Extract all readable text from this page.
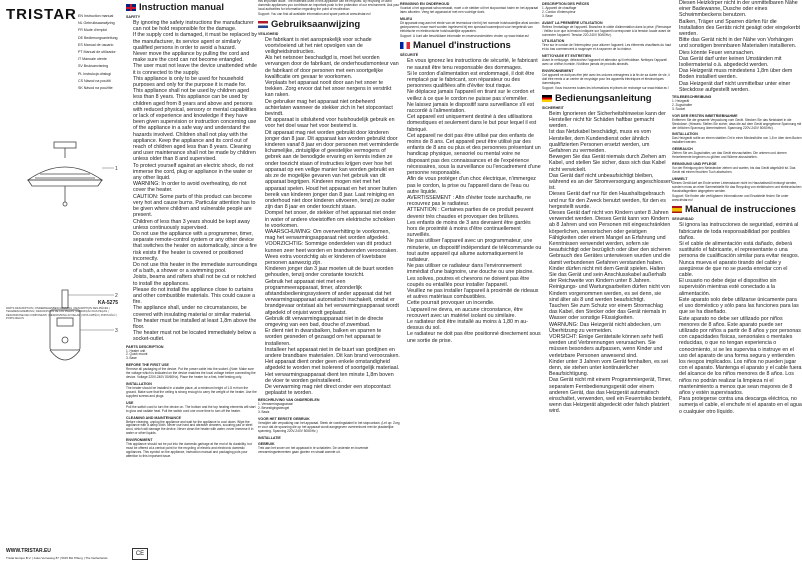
TRISTAR EN Instruction manual
NL Gebruiksaanwijzing
FR Mode d'emploi
DE Bedienungsanleitung
ES Manual de usuario
PT Manual de utilizador
IT Manuale utente
SV Bruksanvisning
PL Instrukcja obsługi
CS Návod na použití
SK Návod na použitie
1
2
3
KA-5275
PARTS DESCRIPTION | ONDERDELENBESCHRIJVING | DESCRIPTION DES PIÈCES | TEILEBESCHREIBUNG | DESCRIPCIÓN DE LAS PIEZAS | DESCRIÇÃO DAS PEÇAS | DESCRIZIONE DEI COMPONENTI | BESKRIVNING AV DELAR | OPIS CZĘŚCI | POPIS DÍLŮ | POPIS DIELOV
WWW.TRISTAR.EU
Tristar Europe B.V. | Jules Verneweg 87 | 5015 BH Tilburg | The Netherlands
Instruction manual
SAFETY
• By ignoring the safety instructions the manufacturer can not be hold responsible for the damage.
• If the supply cord is damaged, it must be replaced by the manufacturer, its service agent or similarly qualified persons in order to avoid a hazard.
• Never move the appliance by pulling the cord and make sure the cord can not become entangled.
• The user must not leave the device unattended while it is connected to the supply.
• This appliance is only to be used for household purposes and only for the purpose it is made for.
• This appliance shall not be used by children aged less than 8 years. This appliance can be used by children aged from 8 years and above and persons with reduced physical, sensory or mental capabilities or lack of experience and knowledge if they have been given supervision or instruction concerning use of the appliance in a safe way and understand the hazards involved. Children shall not play with the appliance. Keep the appliance and its cord out of reach of children aged less than 8 years. Cleaning and user maintenance shall not be made by children unless older than 8 and supervised.
• To protect yourself against an electric shock, do not immerse the cord, plug or appliance in the water or any other liquid.
• WARNING: In order to avoid overheating, do not cover the heater.
• CAUTION: Some parts of this product can become very hot and cause burns. Particular attention has to be given where children and vulnerable people are present.
• Children of less than 3 years should be kept away unless continuously supervised.
• Do not use the appliance with a programmer, timer, separate remote-control system or any other device that switches the heater on automatically, since a fire risk exists if the heater is covered or positioned incorrectly.
• Do not use this heater in the immediate surroundings of a bath, a shower or a swimming pool.
• Joists, beams and rafters shall not be cut or notched to install the appliances.
• Please do not install the appliance close to curtains and other combustible materials. This could cause a fire.
• The appliance shall, under no circumstances, be covered with insulating material or similar material.
• The heater must be installed at least 1,8m above the floor.
• The heater must not be located immediately below a socket-outlet.
PARTS DESCRIPTION
1. Heater unit
2. Quick mount
3. Base
BEFORE THE FIRST USE
Remove all packaging of the device. Put the power cable into the socket. (Note: Make sure the voltage which is indicated on the device matches the local voltage before connecting the device. Voltage 220V-240V 50/60Hz). Place the heater for a first, brief testing only.
INSTALLATION
The heater should be installed in a stable place, at a minimum height of 1.8 m from the ground. Make sure that the ceiling is strong enough to carry the weight of the heater. Use the supplied screws and plugs.
USE
Pull the switch cord to turn the device on. The bottom and the top heating elements will start to glow and radiate heat. Pull the switch cord one more time to turn off the heater.
CLEANING AND MAINTENANCE
Before cleaning, unplug the appliance and wait for the appliance to cool down. Wipe the appliance with a damp cloth. Never use hard and abrasive cleaners, scouring pad or steel wool, which will damage the device. Never clean the heater with water, never immerse it in water or other liquids.
ENVIRONMENT
This appliance should not be put into the domestic garbage at the end of its durability, but must be offered at a central point for the recycling of electric and electronic domestic appliances. This symbol on the appliance, instruction manual and packaging puts your attention to this important issue.
CE
this important issue. The materials used in this appliance can be recycled. By recycling of used domestic appliances you contribute an important push to the protection of our environment. Ask your local authorities for information regarding the point of recollection.
Support: You can find all available information and spare parts at www.tristar.eu!
Gebruiksaanwijzing
VEILIGHEID
• De fabrikant is niet aansprakelijk voor schade voortvloeiend uit het niet opvolgen van de veiligheidsinstructies.
• Als het netsnoer beschadigd is, moet het worden vervangen door de fabrikant, de onderhoudsmonteur van de fabrikant of door personen met een soortgelijke kwalificatie om gevaar te voorkomen.
• Verplaats het apparaat nooit door aan het snoer te trekken. Zorg ervoor dat het snoer nergens in verstrikt kan raken.
• De gebruiker mag het apparaat niet onbeheerd achterlaten wanneer de stekker zich in het stopcontact bevindt.
• Dit apparaat is uitsluitend voor huishoudelijk gebruik en voor het doel waar het voor bestemd is.
• Dit apparaat mag niet worden gebruikt door kinderen jonger dan 8 jaar. Dit apparaat kan worden gebruikt door kinderen vanaf 8 jaar en door personen met verminderde lichamelijke, zintuiglijke of geestelijke vermogens of gebrek aan de benodigde ervaring en kennis indien ze onder toezicht staan of instructies krijgen over hoe het apparaat op een veilige manier kan worden gebruikt en als ze de mogelijke gevaren van het gebruik van dit apparaat begrijpen. Kinderen mogen niet met het apparaat spelen. Houd het apparaat en het snoer buiten bereik van kinderen jonger dan 8 jaar. Laat reiniging en onderhoud niet door kinderen uitvoeren, tenzij ze ouder zijn dan 8 jaar en onder toezicht staan.
• Dompel het snoer, de stekker of het apparaat niet onder in water of andere vloeistoffen om elektrische schokken te voorkomen.
• WAARSCHUWING: Om oververhitting te voorkomen, mag het verwarmingsapparaat niet worden afgedekt.
• VOORZICHTIG: Sommige onderdelen van dit product kunnen zeer heet worden en brandwonden veroorzaken. Wees extra voorzichtig als er kinderen of kwetsbare personen aanwezig zijn.
• Kinderen jonger dan 3 jaar moeten uit de buurt worden gehouden, tenzij onder constante toezicht.
• Gebruik het apparaat niet met een programmeerapparaat, timer, afzonderlijk afstandsbedieningssysteem of ander apparaat dat het verwarmingsapparaat automatisch inschakelt, omdat er brandgevaar ontstaat als het verwarmingsapparaat wordt afgedekt of onjuist wordt geplaatst.
• Gebruik dit verwarmingsapparaat niet in de directe omgeving van een bad, douche of zwembad.
• Er dient niet in dwarsbalken, balken en sparren te worden gesneden of gezaagd om het apparaat te installeren.
• Installeer het apparaat niet in de buurt van gordijnen en andere brandbare materialen. Dit kan brand veroorzaken.
• Het apparaat dient onder geen enkele omstandigheid afgedekt te worden met isolerend of soortgelijk materiaal.
• Het verwarmingsapparaat dient ten minste 1,8m boven de vloer te worden geïnstalleerd.
• De verwarming mag niet direct onder een stopcontact geplaatst te worden.
BESCHRIJVING VAN ONDERDELEN
1. Verwarmingsapparaat
2. Bevestigingsbeugel
3. Basis
VOOR HET EERSTE GEBRUIK
Verwijder alle verpakking van het apparaat. Steek de voedingskabel in het stopcontact. (Let op: Zorg er voor dat de spanning die op het apparaat wordt aangegeven overeenkomt met de plaatselijke spanning. Spanning 220V-240V 50/60Hz.)
INSTALLATIE
GEBRUIK
Trek aan het snoer om het apparaat in te schakelen. De onderste en bovenste verwarmingselementen gaan gloeien en straalt warmte uit.
REINIGING EN ONDERHOUD
Voordat u het apparaat schoonmaakt, moet u de stekker uit het stopcontact halen en het apparaat laten afkoelen. Veeg het apparaat af met een vochtige doek.
MILIEU
Dit apparaat mag aan het einde van de levensduur niet bij het normale huishoudelijke afval worden gedeponeerd, maar moet worden ingeleverd bij een speciaal inzamelpunt voor hergebruik van elektrische en elektronische huishoudelijke apparaten.
Support: U kunt alle beschikbare informatie en reserveonderdelen vinden op www.tristar.eu!
Manuel d'instructions
SÉCURITÉ
• En vous ignorez les instructions de sécurité, le fabricant ne saurait être tenu responsable des dommages.
• Si le cordon d'alimentation est endommagé, il doit être remplacé par le fabricant, son réparateur ou des personnes qualifiées afin d'éviter tout risque.
• Ne déplacez jamais l'appareil en tirant sur le cordon et veillez à ce que le cordon ne puisse pas s'emmêler.
• Ne laissez jamais le dispositif sans surveillance s'il est raccordé à l'alimentation.
• Cet appareil est uniquement destiné à des utilisations domestiques et seulement dans le but pour lequel il est fabriqué.
• Cet appareil ne doit pas être utilisé par des enfants de moins de 8 ans. Cet appareil peut être utilisé par des enfants de 8 ans ou plus et des personnes présentant un handicap physique, sensoriel ou mental voire ne disposant pas des connaissances et de l'expérience nécessaires, sous la surveillance ou l'encadrement d'une personne responsable.
• Afin de vous protéger d'un choc électrique, n'immergez pas le cordon, la prise ou l'appareil dans de l'eau ou autre liquide.
• AVERTISSEMENT : Afin d'éviter toute surchauffe, ne recouvrez pas le radiateur.
• ATTENTION : Certaines parties de ce produit peuvent devenir très chaudes et provoquer des brûlures.
• Les enfants de moins de 3 ans devraient être gardés hors de proximité à moins d'être continuellement surveillés.
• Ne pas utiliser l'appareil avec un programmateur, une minuterie, un dispositif indépendant de télécommande ou tout autre appareil qui allume automatiquement le radiateur.
• Ne pas utiliser ce radiateur dans l'environnement immédiat d'une baignoire, une douche ou une piscine.
• Les solives, poutres et chevrons ne doivent pas être coupés ou entaillés pour installer l'appareil.
• Veuillez ne pas installer l'appareil à proximité de rideaux et autres matériaux combustibles.
• Cette pourrait provoquer un incendie.
• L'appareil ne devra, en aucune circonstance, être recouvert avec un matériel isolant ou similaire.
• Le radiateur doit être installé au moins à 1,80 m au-dessus du sol.
• Le radiateur ne doit pas être positionné directement sous une sortie de prise.
DESCRIPTION DES PIÈCES
1. Appareil de chauffage
2. Cordon d'interrupteur
3. Base
AVANT LA PREMIÈRE UTILISATION
Retirez l'emballage de l'appareil. Branchez le câble d'alimentation dans la prise. (Remarque : Veillez à ce que la tension indiquée sur l'appareil corresponde à la tension locale avant de connecter l'appareil. Tension 220-240V 50/60Hz).
UTILISATION
Tirez sur le cordon de l'interrupteur pour allumer l'appareil. Les éléments chauffants du haut et du bas commencent à rougeoyer et à rayonner de la chaleur.
NETTOYAGE ET ENTRETIEN
Avant le nettoyage, débranchez l'appareil et attendez qu'il refroidisse. Nettoyez l'appareil avec un chiffon humide. N'utilisez jamais de produits abrasifs.
ENVIRONNEMENT
Cet appareil ne doit pas être jeté avec les ordures ménagères à la fin de sa durée de vie, il doit être remis à un centre de recyclage pour les appareils électriques et électroniques domestiques.
Support: Vous trouverez toutes les informations et pièces de rechange sur www.tristar.eu !
Bedienungsanleitung
SICHERHEIT
• Beim Ignorieren der Sicherheitshinweise kann der Hersteller nicht für Schäden haftbar gemacht werden.
• Ist das Netzkabel beschädigt, muss es vom Hersteller, dem Kundendienst oder ähnlich qualifizierten Personen ersetzt werden, um Gefahren zu vermeiden.
• Bewegen Sie das Gerät niemals durch Ziehen am Kabel, und stellen Sie sicher, dass sich das Kabel nicht verwickelt.
• Das Gerät darf nicht unbeaufsichtigt bleiben, während es an der Stromversorgung angeschlossen ist.
• Dieses Gerät darf nur für den Haushaltsgebrauch und nur für den Zweck benutzt werden, für den es hergestellt wurde.
• Dieses Gerät darf nicht von Kindern unter 8 Jahren verwendet werden. Dieses Gerät kann von Kindern ab 8 Jahren und von Personen mit eingeschränkten körperlichen, sensorischen oder geistigen Fähigkeiten oder einem Mangel an Erfahrung und Kenntnissen verwendet werden, sofern sie beaufsichtigt oder bezüglich oder über den sicheren Gebrauch des Gerätes unterwiesen wurden und die damit verbundenen Gefahren verstanden haben. Kinder dürfen nicht mit dem Gerät spielen. Halten Sie das Gerät und sein Anschlusskabel außerhalb der Reichweite von Kindern unter 8 Jahren. Reinigungs- und Wartungsarbeiten dürfen nicht von Kindern vorgenommen werden, es sei denn, sie sind älter als 8 und werden beaufsichtigt.
• Tauchen Sie zum Schutz vor einem Stromschlag das Kabel, den Stecker oder das Gerät niemals in Wasser oder sonstige Flüssigkeiten.
• WARNUNG: Das Heizgerät nicht abdecken, um Überhitzung zu vermeiden.
• VORSICHT: Einige Gerätetaile können sehr heiß werden und Verbrennungen verursachen. Sie müssen besonders aufpassen, wenn Kinder und verletzbare Personen anwesend sind.
• Kinder unter 3 Jahren vom Gerät fernhalten, es sei denn, sie stehen unter kontinuierlicher Beaufsichtigung.
• Das Gerät nicht mit einem Programmiergerät, Timer, separatem Fernbedienungsgerät oder einem anderen Gerät, das das Heizgerät automatisch einschaltet, verwenden, weil ein Feuerrisiko besteht, wenn das Heizgerät abgedeckt oder falsch platziert wird.
• Diesen Heizkörper nicht in der unmittelbaren Nähe einer Badewanne, Dusche oder eines Schwimmbeckens benutzen.
• Balken, Träger und Sparren dürfen für die Installation des Geräts nicht gesägt oder eingekerbt werden.
• Bitte das Gerät nicht in der Nähe von Vorhängen und sonstigen brennbaren Materialien installieren. Dies könnte Feuer verursachen.
• Das Gerät darf unter keinen Umständen mit Isoliermaterial o.ä. abgedeckt werden.
• Das Heizgerät muss mindestens 1,8m über dem Boden installiert werden.
• Das Heizgerät darf nicht unmittelbar unter einer Steckdose aufgestellt werden.
TEILEBESCHREIBUNG
1. Heizgerät
2. Zugschalter
3. Sockel
VOR DER ERSTEN INBETRIEBNAHME
Entfernen Sie die gesamte Verpackung vom Gerät. Stecken Sie das Netzkabel in die Steckdose. (Hinweis: Stellen Sie sicher, dass die auf dem Gerät angegebene Spannung mit der örtlichen Spannung übereinstimmt. Spannung 220V-240V 50/60Hz).
INSTALLATION
Das Heizgerät sollte an einem stabilen Ort in einer Mindesthöhe von 1,8 m über dem Boden installiert werden.
GEBRAUCH
Ziehen Sie am Zugschalter, um das Gerät einzuschalten. Die unteren und oberen Heizelemente beginnen zu glühen und Wärme abzustrahlen.
REINIGUNG UND PFLEGE
Vor der Reinigung den Netzstecker ziehen und warten, bis das Gerät abgekühlt ist. Das Gerät mit einem feuchten Tuch abwischen.
UMWELT
Dieses Gerät darf am Ende seiner Lebensdauer nicht im Haushaltsmüll entsorgt werden, sondern muss an einer Sammelstelle für das Recycling von elektrischen und elektronischen Haushaltsgeräten abgegeben werden.
Support: Sie finden alle verfügbaren Informationen und Ersatzteile finden Sie unter www.tristar.eu!
Manual de instrucciones
SEGURIDAD
• Si ignora las instrucciones de seguridad, eximirá al fabricante de toda responsabilidad por posibles daños.
• Si el cable de alimentación está dañado, deberá sustituirlo el fabricante, el representante o una persona de cualificación similar para evitar riesgos.
• Nunca mueva el aparato tirando del cable y asegúrese de que no se pueda enredar con el cable.
• El usuario no debe dejar el dispositivo sin supervisión mientras esté conectado a la alimentación.
• Este aparato solo debe utilizarse únicamente para el uso doméstico y sólo para las funciones para las que se ha diseñado.
• Este aparato no debe ser utilizado por niños menores de 8 años. Este aparato puede ser utilizado por niños a partir de 8 años y por personas con capacidades físicas, sensoriales o mentales reducidas, o que no tengan experiencia o conocimiento, si se les supervisa o instruye en el uso del aparato de una forma segura y entienden los riesgos implicados. Los niños no pueden jugar con el aparato. Mantenga el aparato y el cable fuera del alcance de los niños menores de 8 años. Los niños no podrán realizar la limpieza ni el mantenimiento a menos que sean mayores de 8 años y estén supervisados.
• Para protegerse contra una descarga eléctrica, no sumerja el cable, el enchufe ni el aparato en el agua o cualquier otro líquido.
